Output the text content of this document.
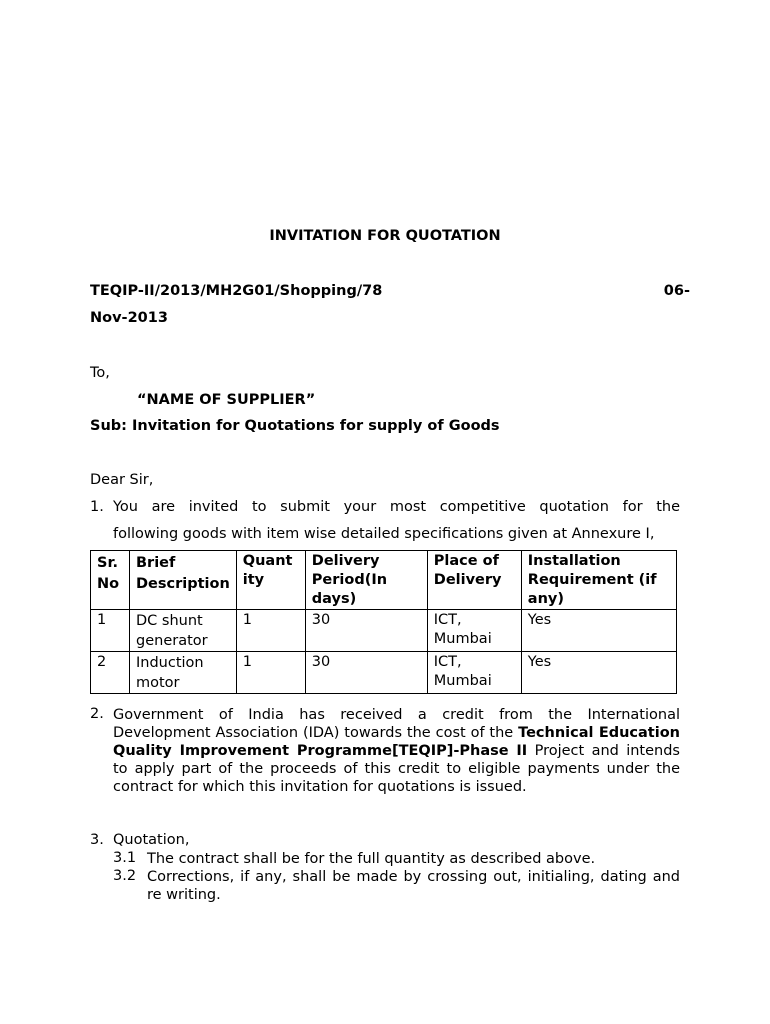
INVITATION FOR QUOTATION
TEQIP-II/2013/MH2G01/Shopping/78	06-
Nov-2013
To,
“NAME OF SUPPLIER”
Sub: Invitation for Quotations for supply of Goods
Dear Sir,
1. You are invited to submit your most competitive quotation for the
following goods with item wise detailed specifications given at Annexure I,
Sr. No	Brief Description	Quant ity	Delivery Period(In days)	Place of Delivery	Installation Requirement (if any)
1	DC shunt generator	1	30	ICT, Mumbai	Yes
2	Induction motor	1	30	ICT, Mumbai	Yes
2. Government of India has received a credit from the International Development Association (IDA) towards the cost of the Technical Education Quality Improvement Programme[TEQIP]-Phase II Project and intends to apply part of the proceeds of this credit to eligible payments under the contract for which this invitation for quotations is issued.
3. Quotation,
3.1 The contract shall be for the full quantity as described above.
3.2 Corrections, if any, shall be made by crossing out, initialing, dating and re writing.
